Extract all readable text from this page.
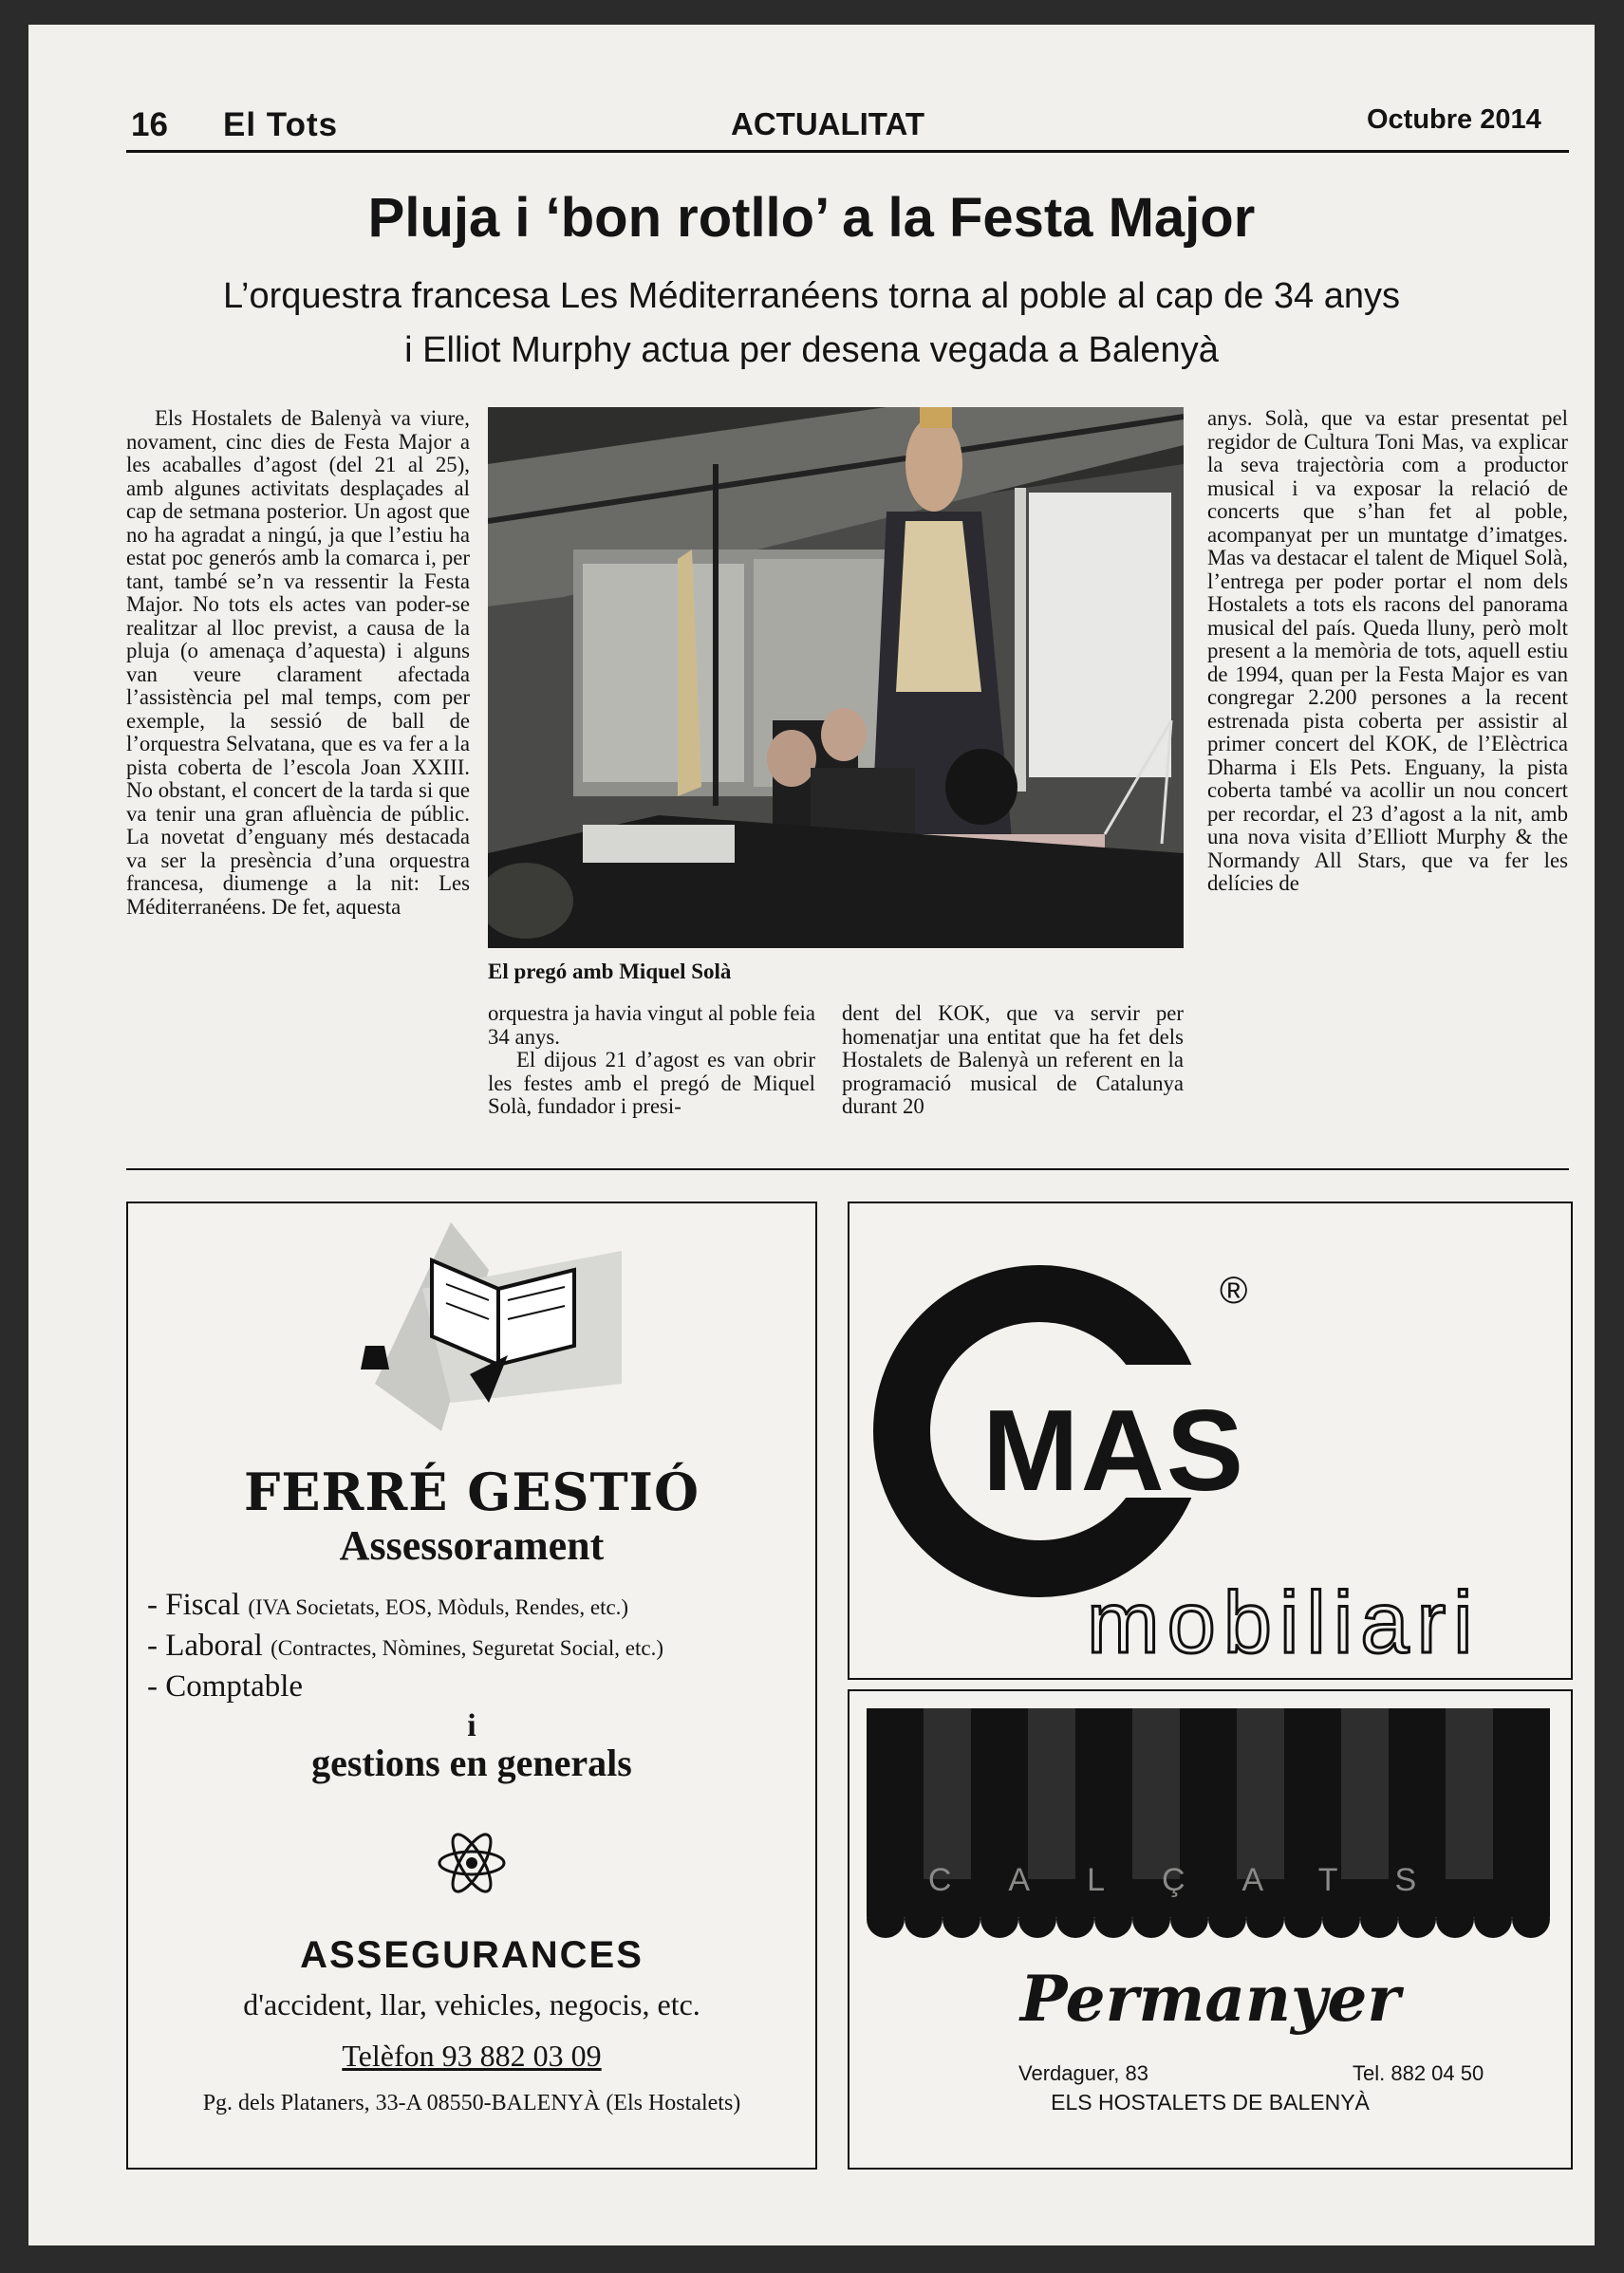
16 El Tots	ACTUALITAT	Octubre 2014
Pluja i ‘bon rotllo’ a la Festa Major
L’orquestra francesa Les Méditerranéens torna al poble al cap de 34 anys
i Elliot Murphy actua per desena vegada a Balenyà

Els Hostalets de Balenyà va viure, novament, cinc dies de Festa Major a les acaballes d’agost (del 21 al 25), amb algunes activitats desplaçades al cap de setmana posterior. Un agost que no ha agradat a ningú, ja que l’estiu ha estat poc generós amb la comarca i, per tant, també se’n va ressentir la Festa Major. No tots els actes van poder-se realitzar al lloc previst, a causa de la pluja (o amenaça d’aquesta) i alguns van veure clarament afectada l’assistència pel mal temps, com per exemple, la sessió de ball de l’orquestra Selvatana, que es va fer a la pista coberta de l’escola Joan XXIII. No obstant, el concert de la tarda si que va tenir una gran afluència de públic. La novetat d’enguany més destacada va ser la presència d’una orquestra francesa, diumenge a la nit: Les Méditerranéens. De fet, aquesta

El pregó amb Miquel Solà

orquestra ja havia vingut al poble feia 34 anys.

El dijous 21 d’agost es van obrir les festes amb el pregó de Miquel Solà, fundador i presi-

dent del KOK, que va servir per homenatjar una entitat que ha fet dels Hostalets de Balenyà un referent en la programació musical de Catalunya durant 20

anys. Solà, que va estar presentat pel regidor de Cultura Toni Mas, va explicar la seva trajectòria com a productor musical i va exposar la relació de concerts que s’han fet al poble, acompanyat per un muntatge d’imatges. Mas va destacar el talent de Miquel Solà, l’entrega per poder portar el nom dels Hostalets a tots els racons del panorama musical del país. Queda lluny, però molt present a la memòria de tots, aquell estiu de 1994, quan per la Festa Major es van congregar 2.200 persones a la recent estrenada pista coberta per assistir al primer concert del KOK, de l’Elèctrica Dharma i Els Pets. Enguany, la pista coberta també va acollir un nou concert per recordar, el 23 d’agost a la nit, amb una nova visita d’Elliott Murphy & the Normandy All Stars, que va fer les delícies de

FERRÉ GESTIÓ
Assessorament
- Fiscal (IVA Societats, EOS, Mòduls, Rendes, etc.)
- Laboral (Contractes, Nòmines, Seguretat Social, etc.)
- Comptable
i
gestions en generals
ASSEGURANCES
d'accident, llar, vehicles, negocis, etc.
Telèfon 93 882 03 09
Pg. dels Plataners, 33-A 08550-BALENYÀ (Els Hostalets)
MAS
®
mobiliari
CALÇATS
Permanyer
Verdaguer, 83	Tel. 882 04 50
ELS HOSTALETS DE BALENYÀ
